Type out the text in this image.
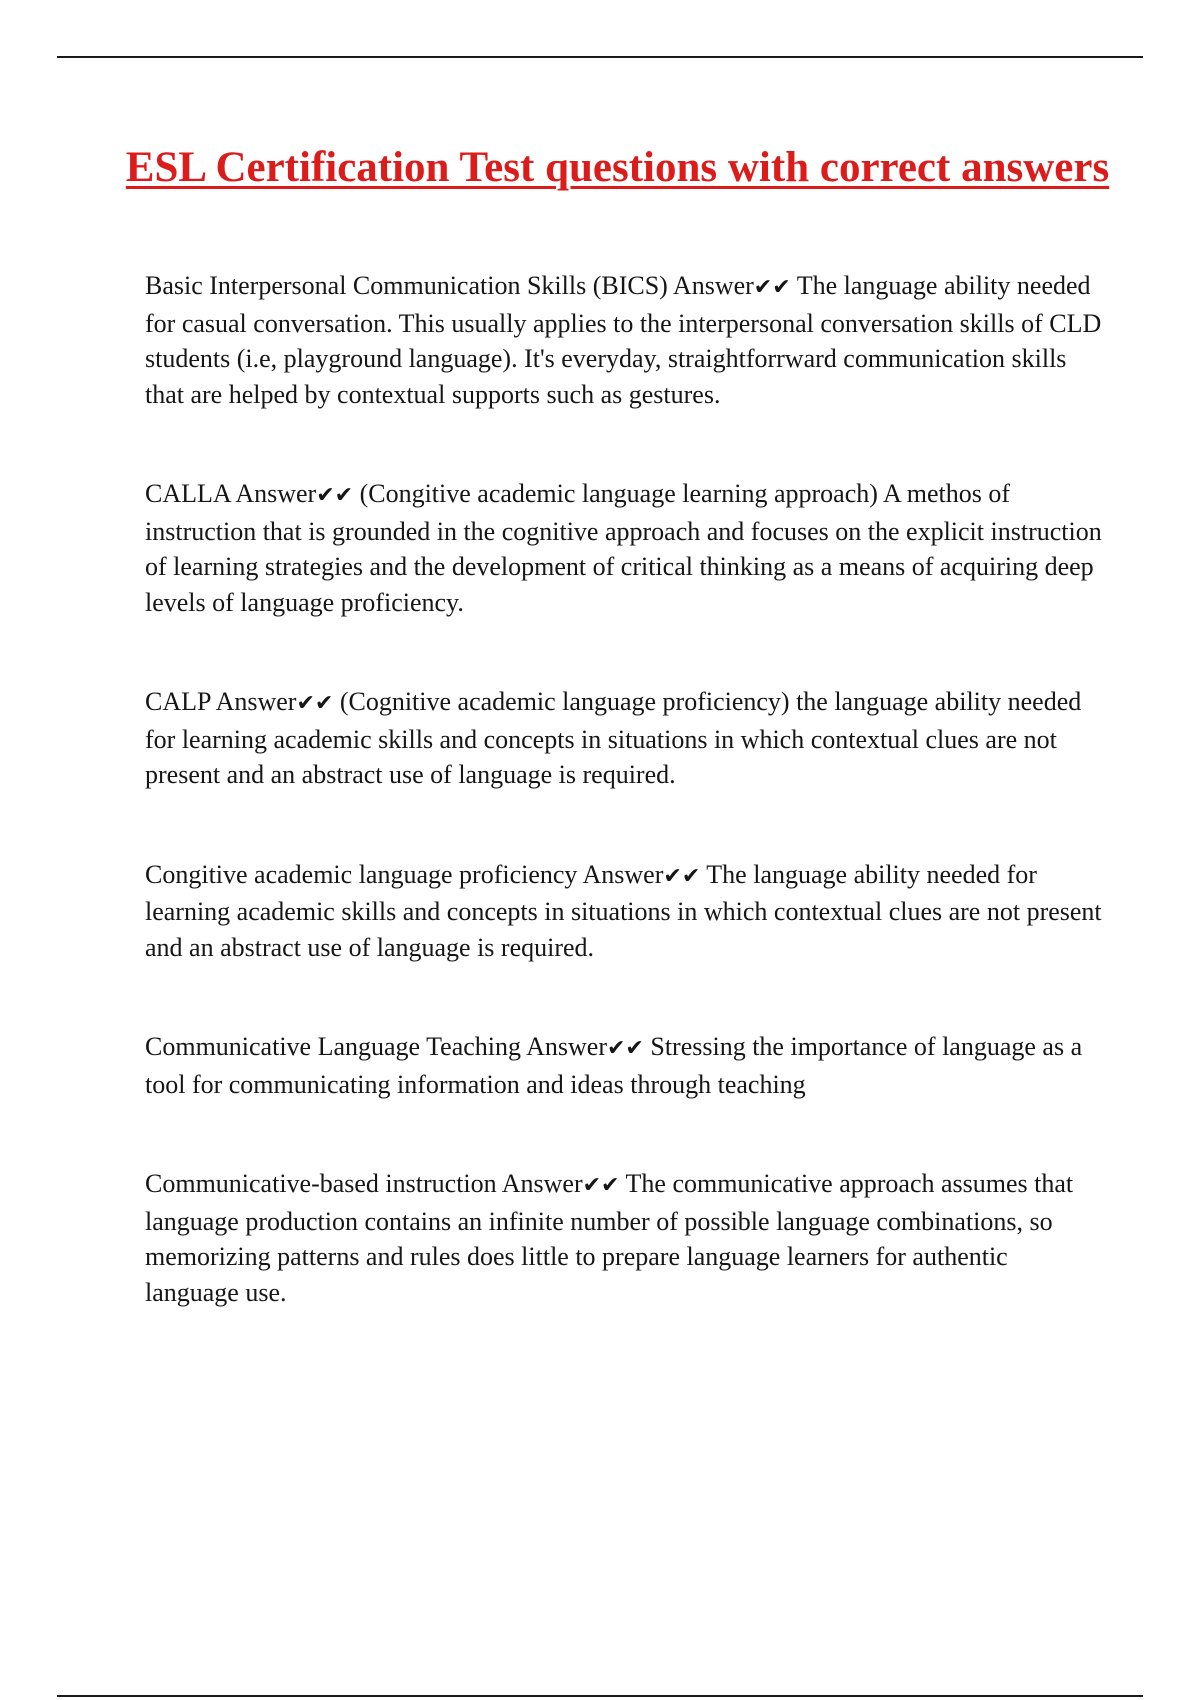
ESL Certification Test questions with correct answers

Basic Interpersonal Communication Skills (BICS) Answer✔✔ The language ability needed for casual conversation. This usually applies to the interpersonal conversation skills of CLD students (i.e, playground language). It's everyday, straightforrward communication skills that are helped by contextual supports such as gestures.

CALLA Answer✔✔ (Congitive academic language learning approach) A methos of instruction that is grounded in the cognitive approach and focuses on the explicit instruction of learning strategies and the development of critical thinking as a means of acquiring deep levels of language proficiency.

CALP Answer✔✔ (Cognitive academic language proficiency) the language ability needed for learning academic skills and concepts in situations in which contextual clues are not present and an abstract use of language is required.

Congitive academic language proficiency Answer✔✔ The language ability needed for learning academic skills and concepts in situations in which contextual clues are not present and an abstract use of language is required.

Communicative Language Teaching Answer✔✔ Stressing the importance of language as a tool for communicating information and ideas through teaching

Communicative-based instruction Answer✔✔ The communicative approach assumes that language production contains an infinite number of possible language combinations, so memorizing patterns and rules does little to prepare language learners for authentic language use.
